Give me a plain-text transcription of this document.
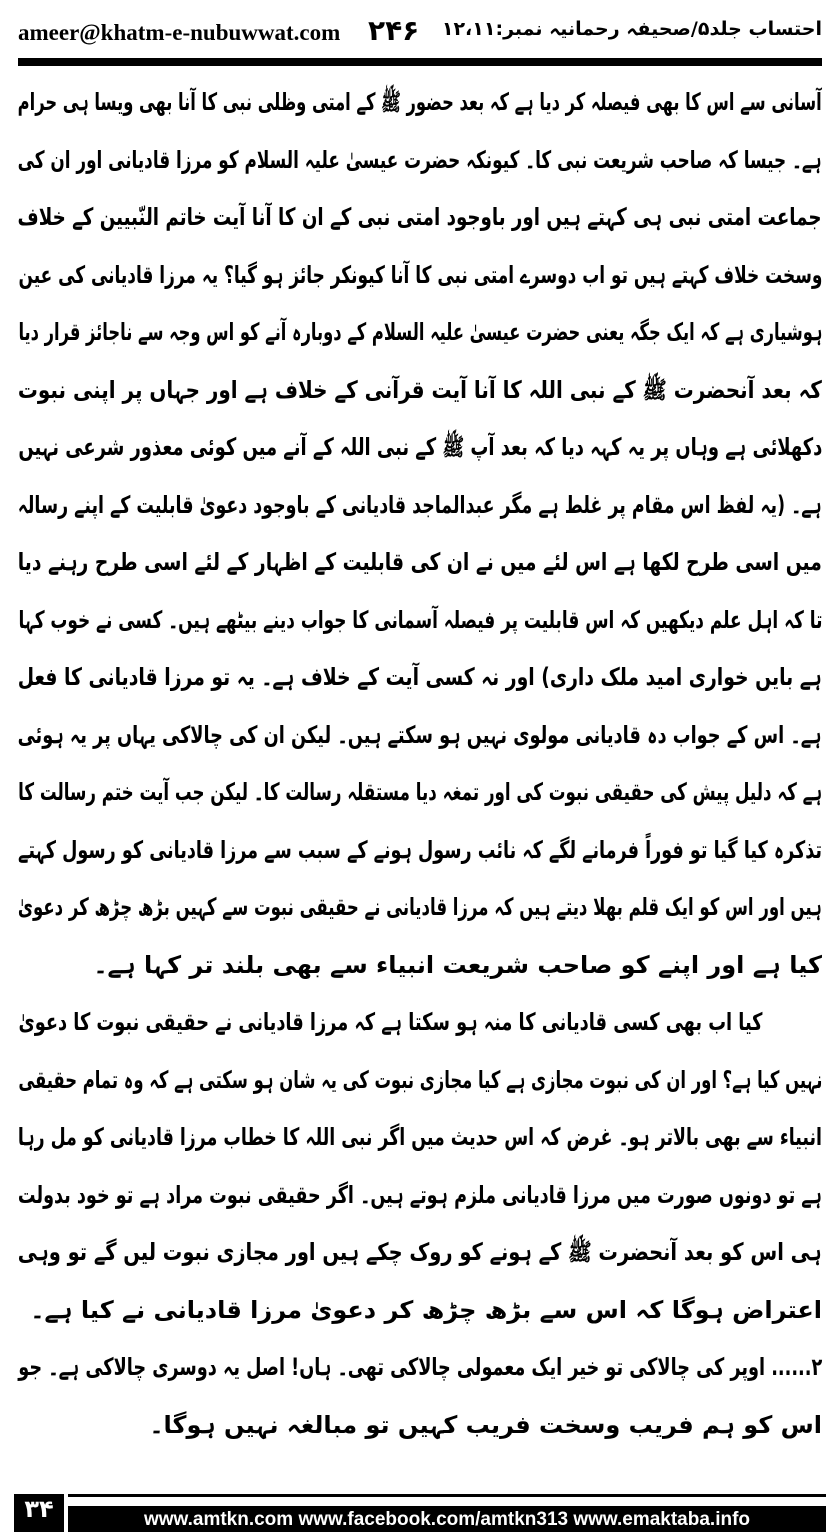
ameer@khatm-e-nubuwwat.com ۲۴۶ احتساب جلد۵/صحیفہ رحمانیہ نمبر:۱۲،۱۱
آسانی سے اس کا بھی فیصلہ کر دیا ہے کہ بعد حضور ﷺ کے امتی وظلی نبی کا آنا بھی ویسا ہی حرام
ہے۔ جیسا کہ صاحب شریعت نبی کا۔ کیونکہ حضرت عیسیٰ علیہ السلام کو مرزا قادیانی اور ان کی
جماعت امتی نبی ہی کہتے ہیں اور باوجود امتی نبی کے ان کا آنا آیت خاتم النّبیین کے خلاف
وسخت خلاف کہتے ہیں تو اب دوسرے امتی نبی کا آنا کیونکر جائز ہو گیا؟ یہ مرزا قادیانی کی عین
ہوشیاری ہے کہ ایک جگہ یعنی حضرت عیسیٰ علیہ السلام کے دوبارہ آنے کو اس وجہ سے ناجائز قرار دیا
کہ بعد آنحضرت ﷺ کے نبی اللہ کا آنا آیت قرآنی کے خلاف ہے اور جہاں پر اپنی نبوت
دکھلائی ہے وہاں پر یہ کہہ دیا کہ بعد آپ ﷺ کے نبی اللہ کے آنے میں کوئی معذور شرعی نہیں
ہے۔ (یہ لفظ اس مقام پر غلط ہے مگر عبدالماجد قادیانی کے باوجود دعویٰ قابلیت کے اپنے رسالہ
میں اسی طرح لکھا ہے اس لئے میں نے ان کی قابلیت کے اظہار کے لئے اسی طرح رہنے دیا
تا کہ اہل علم دیکھیں کہ اس قابلیت پر فیصلہ آسمانی کا جواب دینے بیٹھے ہیں۔ کسی نے خوب کہا
ہے بایں خواری امید ملک داری) اور نہ کسی آیت کے خلاف ہے۔ یہ تو مرزا قادیانی کا فعل
ہے۔ اس کے جواب دہ قادیانی مولوی نہیں ہو سکتے ہیں۔ لیکن ان کی چالاکی یہاں پر یہ ہوئی
ہے کہ دلیل پیش کی حقیقی نبوت کی اور تمغہ دیا مستقلہ رسالت کا۔ لیکن جب آیت ختم رسالت کا
تذکرہ کیا گیا تو فوراً فرمانے لگے کہ نائب رسول ہونے کے سبب سے مرزا قادیانی کو رسول کہتے
ہیں اور اس کو ایک قلم بھلا دیتے ہیں کہ مرزا قادیانی نے حقیقی نبوت سے کہیں بڑھ چڑھ کر دعویٰ
کیا ہے اور اپنے کو صاحب شریعت انبیاء سے بھی بلند تر کہا ہے۔
کیا اب بھی کسی قادیانی کا منہ ہو سکتا ہے کہ مرزا قادیانی نے حقیقی نبوت کا دعویٰ
نہیں کیا ہے؟ اور ان کی نبوت مجازی ہے کیا مجازی نبوت کی یہ شان ہو سکتی ہے کہ وہ تمام حقیقی
انبیاء سے بھی بالاتر ہو۔ غرض کہ اس حدیث میں اگر نبی اللہ کا خطاب مرزا قادیانی کو مل رہا
ہے تو دونوں صورت میں مرزا قادیانی ملزم ہوتے ہیں۔ اگر حقیقی نبوت مراد ہے تو خود بدولت
ہی اس کو بعد آنحضرت ﷺ کے ہونے کو روک چکے ہیں اور مجازی نبوت لیں گے تو وہی
اعتراض ہوگا کہ اس سے بڑھ چڑھ کر دعویٰ مرزا قادیانی نے کیا ہے۔
۲...... اوپر کی چالاکی تو خیر ایک معمولی چالاکی تھی۔ ہاں! اصل یہ دوسری چالاکی ہے۔ جو
اس کو ہم فریب وسخت فریب کہیں تو مبالغہ نہیں ہوگا۔
۳۴	www.amtkn.com www.facebook.com/amtkn313 www.emaktaba.info
